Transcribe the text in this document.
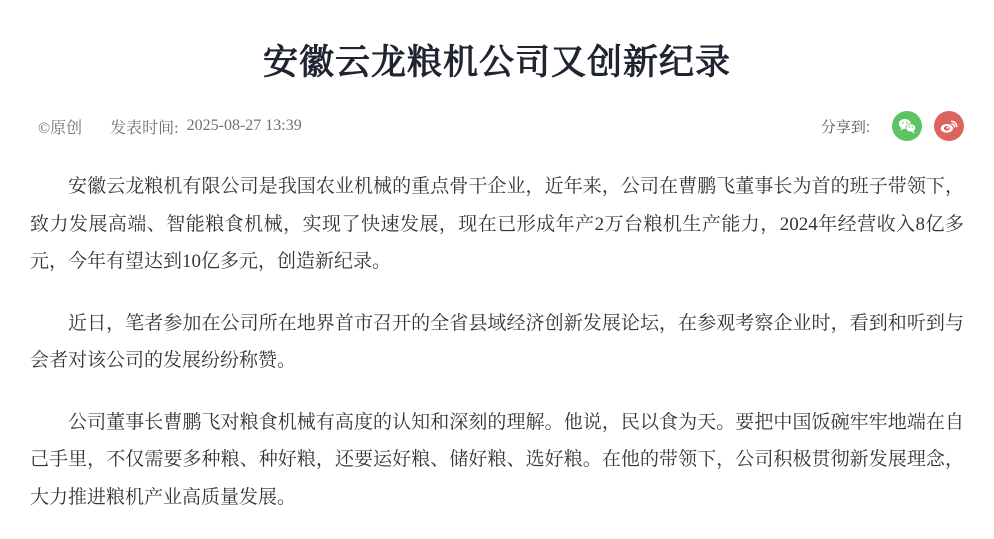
安徽云龙粮机公司又创新纪录
©原创 发表时间: 2025-08-27 13:39	分享到:

安徽云龙粮机有限公司是我国农业机械的重点骨干企业，近年来，公司在曹鹏飞董事长为首的班子带领下，致力发展高端、智能粮食机械，实现了快速发展，现在已形成年产2万台粮机生产能力，2024年经营收入8亿多元，今年有望达到10亿多元，创造新纪录。

近日，笔者参加在公司所在地界首市召开的全省县域经济创新发展论坛，在参观考察企业时，看到和听到与会者对该公司的发展纷纷称赞。

公司董事长曹鹏飞对粮食机械有高度的认知和深刻的理解。他说，民以食为天。要把中国饭碗牢牢地端在自己手里，不仅需要多种粮、种好粮，还要运好粮、储好粮、选好粮。在他的带领下，公司积极贯彻新发展理念，大力推进粮机产业高质量发展。
